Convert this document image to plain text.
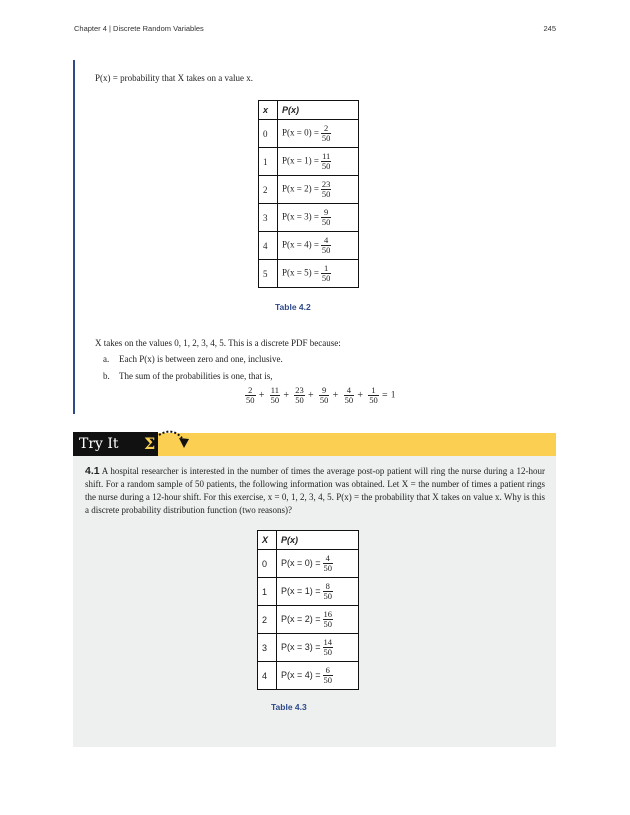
Chapter 4 | Discrete Random Variables	245
P(x) = probability that X takes on a value x.
x	P(x)
0	$P(x = 0) = \frac{2}{50}$

1	$P(x = 1) = \frac{11}{50}$

2	$P(x = 2) = \frac{23}{50}$

3	$P(x = 3) = \frac{9}{50}$

4	$P(x = 4) = \frac{4}{50}$

5	$P(x = 5) = \frac{1}{50}$
Table 4.2
X takes on the values 0, 1, 2, 3, 4, 5. This is a discrete PDF because:
a. Each P(x) is between zero and one, inclusive.
b. The sum of the probabilities is one, that is,
$\frac{2}{50} + \frac{11}{50} + \frac{23}{50} + \frac{9}{50} + \frac{4}{50} + \frac{1}{50} = 1$
Try It	Σ
4.1 A hospital researcher is interested in the number of times the average post-op patient will ring the nurse during a 12-hour shift. For a random sample of 50 patients, the following information was obtained. Let X = the number of times a patient rings the nurse during a 12-hour shift. For this exercise, x = 0, 1, 2, 3, 4, 5. P(x) = the probability that X takes on value x. Why is this a discrete probability distribution function (two reasons)?
X	P(x)
0	$P(x = 0) = \frac{4}{50}$

1	$P(x = 1) = \frac{8}{50}$

2	$P(x = 2) = \frac{16}{50}$

3	$P(x = 3) = \frac{14}{50}$

4	$P(x = 4) = \frac{6}{50}$
Table 4.3
